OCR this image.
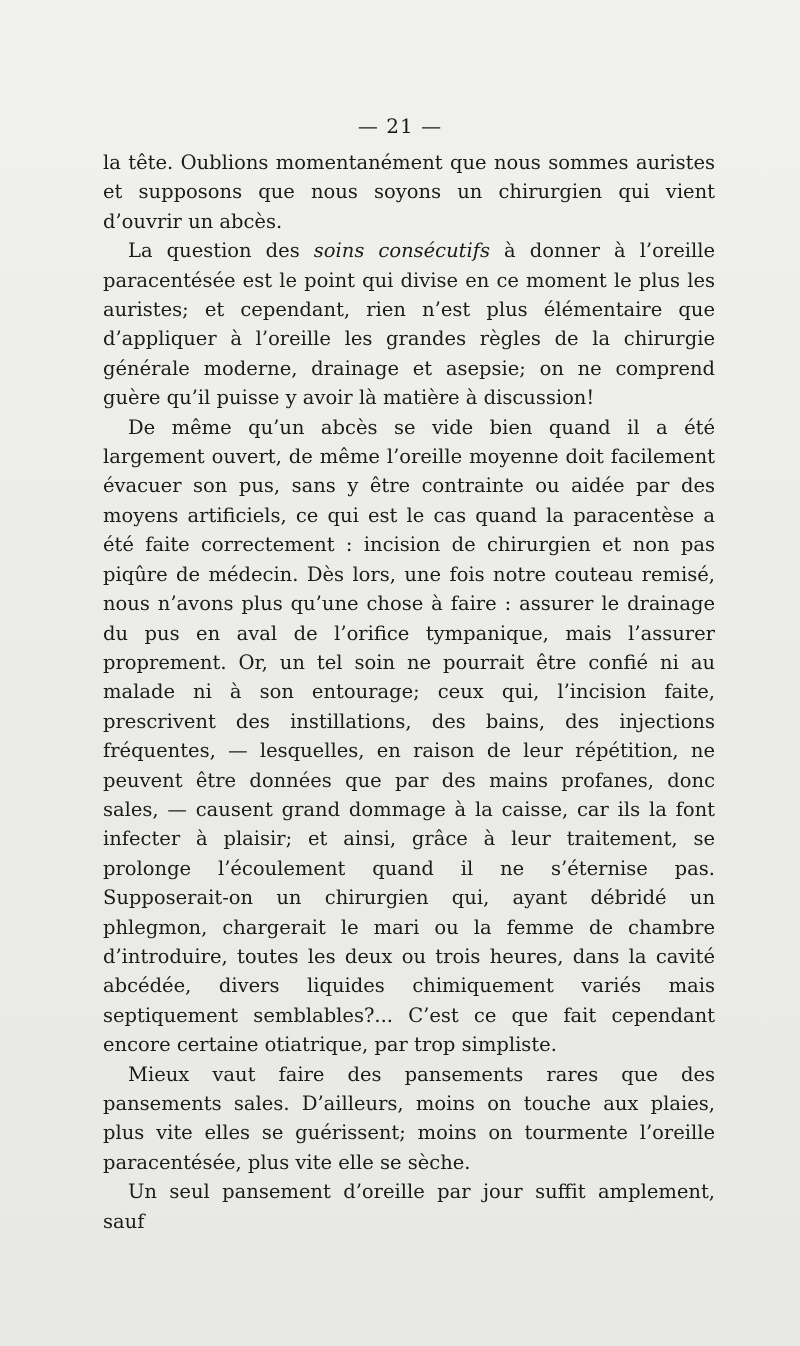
— 21 —

la tête. Oublions momentanément que nous sommes auristes et supposons que nous soyons un chirurgien qui vient d’ouvrir un abcès.

La question des soins consécutifs à donner à l’oreille paracentésée est le point qui divise en ce moment le plus les auristes; et cependant, rien n’est plus élémentaire que d’appliquer à l’oreille les grandes règles de la chirurgie générale moderne, drainage et asepsie; on ne comprend guère qu’il puisse y avoir là matière à discussion!

De même qu’un abcès se vide bien quand il a été largement ouvert, de même l’oreille moyenne doit facilement évacuer son pus, sans y être contrainte ou aidée par des moyens artificiels, ce qui est le cas quand la paracentèse a été faite correctement : incision de chirurgien et non pas piqûre de médecin. Dès lors, une fois notre couteau remisé, nous n’avons plus qu’une chose à faire : assurer le drainage du pus en aval de l’orifice tympanique, mais l’assurer proprement. Or, un tel soin ne pourrait être confié ni au malade ni à son entourage; ceux qui, l’incision faite, prescrivent des instillations, des bains, des injections fréquentes, — lesquelles, en raison de leur répétition, ne peuvent être données que par des mains profanes, donc sales, — causent grand dommage à la caisse, car ils la font infecter à plaisir; et ainsi, grâce à leur traitement, se prolonge l’écoulement quand il ne s’éternise pas. Supposerait-on un chirurgien qui, ayant débridé un phlegmon, chargerait le mari ou la femme de chambre d’introduire, toutes les deux ou trois heures, dans la cavité abcédée, divers liquides chimiquement variés mais septiquement semblables?... C’est ce que fait cependant encore certaine otiatrique, par trop simpliste.

Mieux vaut faire des pansements rares que des pansements sales. D’ailleurs, moins on touche aux plaies, plus vite elles se guérissent; moins on tourmente l’oreille paracentésée, plus vite elle se sèche.

Un seul pansement d’oreille par jour suffit amplement, sauf
